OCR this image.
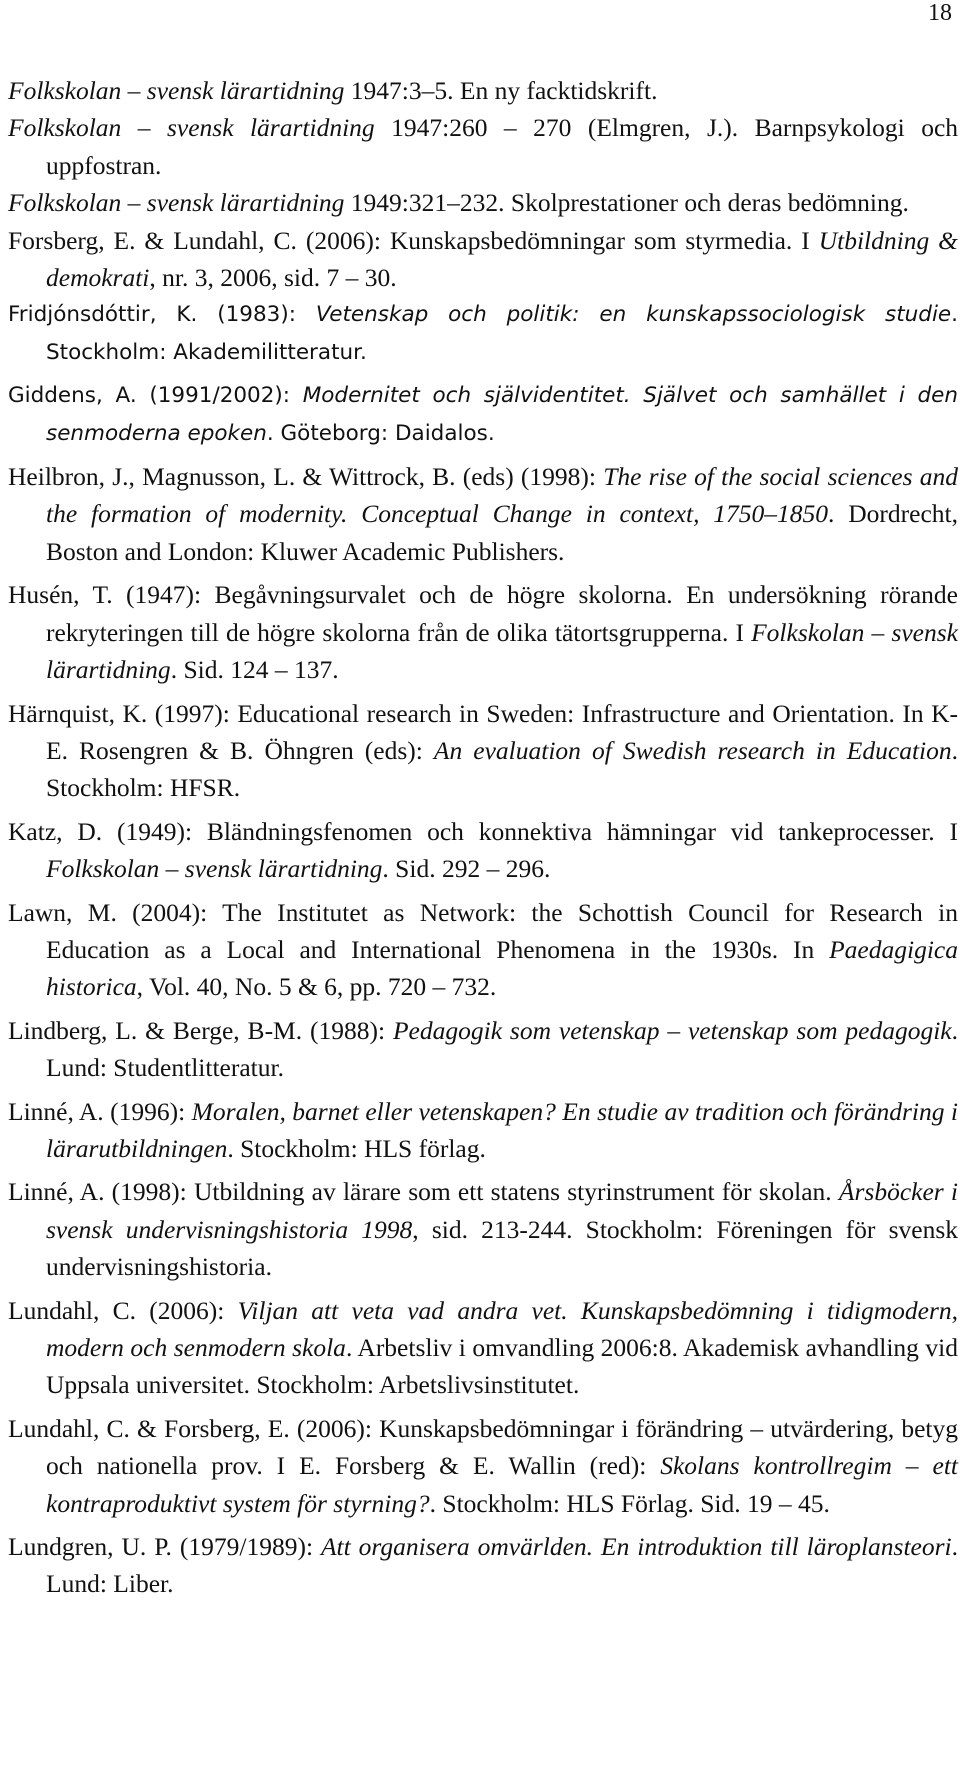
18
Folkskolan – svensk lärartidning 1947:3–5. En ny facktidskrift.
Folkskolan – svensk lärartidning 1947:260 – 270 (Elmgren, J.). Barnpsykologi och uppfostran.
Folkskolan – svensk lärartidning 1949:321–232. Skolprestationer och deras bedömning.
Forsberg, E. & Lundahl, C. (2006): Kunskapsbedömningar som styrmedia. I Utbildning & demokrati, nr. 3, 2006, sid. 7 – 30.
Fridjónsdóttir, K. (1983): Vetenskap och politik: en kunskapssociologisk studie. Stockholm: Akademilitteratur.
Giddens, A. (1991/2002): Modernitet och självidentitet. Självet och samhället i den senmoderna epoken. Göteborg: Daidalos.
Heilbron, J., Magnusson, L. & Wittrock, B. (eds) (1998): The rise of the social sciences and the formation of modernity. Conceptual Change in context, 1750–1850. Dordrecht, Boston and London: Kluwer Academic Publishers.
Husén, T. (1947): Begåvningsurvalet och de högre skolorna. En undersökning rörande rekryteringen till de högre skolorna från de olika tätortsgrupperna. I Folkskolan – svensk lärartidning. Sid. 124 – 137.
Härnquist, K. (1997): Educational research in Sweden: Infrastructure and Orientation. In K-E. Rosengren & B. Öhngren (eds): An evaluation of Swedish research in Education. Stockholm: HFSR.
Katz, D. (1949): Bländningsfenomen och konnektiva hämningar vid tankeprocesser. I Folkskolan – svensk lärartidning. Sid. 292 – 296.
Lawn, M. (2004): The Institutet as Network: the Schottish Council for Research in Education as a Local and International Phenomena in the 1930s. In Paedagigica historica, Vol. 40, No. 5 & 6, pp. 720 – 732.
Lindberg, L. & Berge, B-M. (1988): Pedagogik som vetenskap – vetenskap som pedagogik. Lund: Studentlitteratur.
Linné, A. (1996): Moralen, barnet eller vetenskapen? En studie av tradition och förändring i lärarutbildningen. Stockholm: HLS förlag.
Linné, A. (1998): Utbildning av lärare som ett statens styrinstrument för skolan. Årsböcker i svensk undervisningshistoria 1998, sid. 213-244. Stockholm: Föreningen för svensk undervisningshistoria.
Lundahl, C. (2006): Viljan att veta vad andra vet. Kunskapsbedömning i tidigmodern, modern och senmodern skola. Arbetsliv i omvandling 2006:8. Akademisk avhandling vid Uppsala universitet. Stockholm: Arbetslivsinstitutet.
Lundahl, C. & Forsberg, E. (2006): Kunskapsbedömningar i förändring – utvärdering, betyg och nationella prov. I E. Forsberg & E. Wallin (red): Skolans kontrollregim – ett kontraproduktivt system för styrning?. Stockholm: HLS Förlag. Sid. 19 – 45.
Lundgren, U. P. (1979/1989): Att organisera omvärlden. En introduktion till läroplansteori. Lund: Liber.
